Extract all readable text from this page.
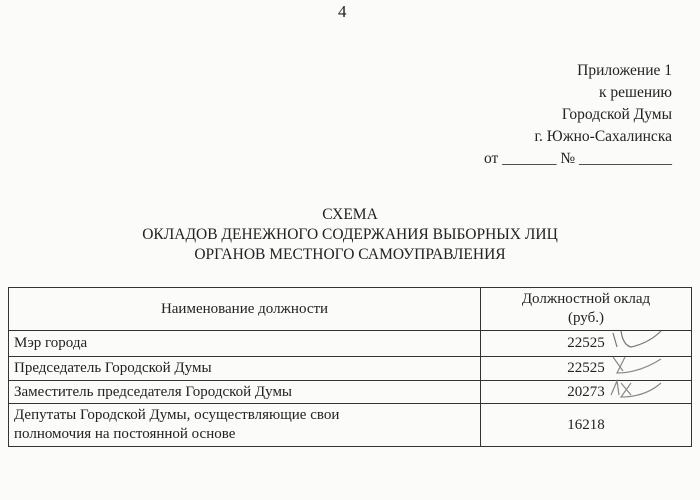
4
Приложение 1
к решению
Городской Думы
г. Южно-Сахалинска
от _______ № ____________
СХЕМА
ОКЛАДОВ ДЕНЕЖНОГО СОДЕРЖАНИЯ ВЫБОРНЫХ ЛИЦ
ОРГАНОВ МЕСТНОГО САМОУПРАВЛЕНИЯ
Наименование должности	Должностной оклад
(руб.)
Мэр города	22525

Председатель Городской Думы	22525

Заместитель председателя Городской Думы	20273

Депутаты Городской Думы, осуществляющие свои полномочия на постоянной основе	16218
